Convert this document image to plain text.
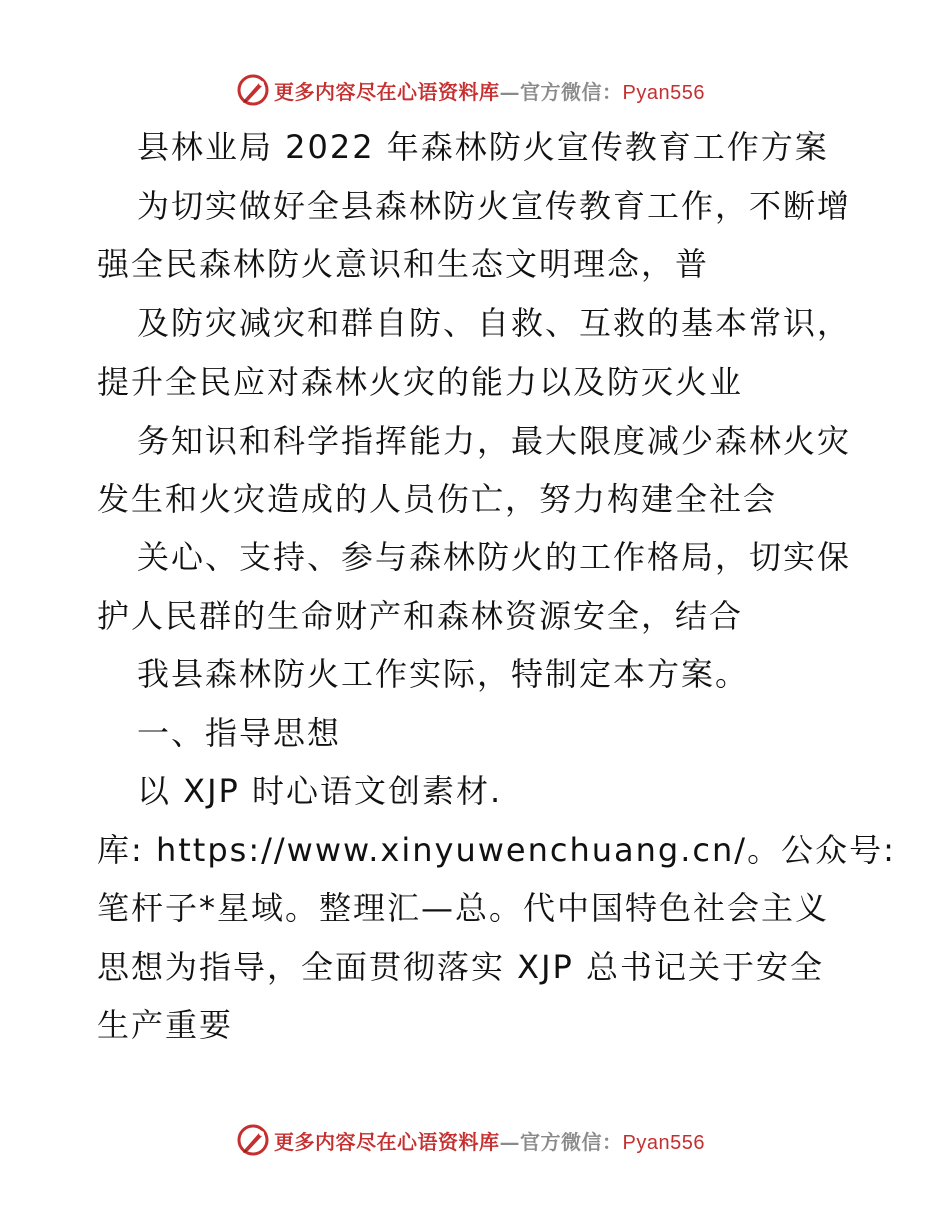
更多内容尽在心语资料库—官方微信：Pyan556

县林业局 2022 年森林防火宣传教育工作方案

为切实做好全县森林防火宣传教育工作，不断增

强全民森林防火意识和生态文明理念，普

及防灾减灾和群自防、自救、互救的基本常识，

提升全民应对森林火灾的能力以及防灭火业

务知识和科学指挥能力，最大限度减少森林火灾

发生和火灾造成的人员伤亡，努力构建全社会

关心、支持、参与森林防火的工作格局，切实保

护人民群的生命财产和森林资源安全，结合

我县森林防火工作实际，特制定本方案。

一、指导思想

以 XJP 时心语文创素材.

库: https://www.xinyuwenchuang.cn/。公众号:

笔杆子*星域。整理汇—总。代中国特色社会主义

思想为指导，全面贯彻落实 XJP 总书记关于安全

生产重要

更多内容尽在心语资料库—官方微信：Pyan556
